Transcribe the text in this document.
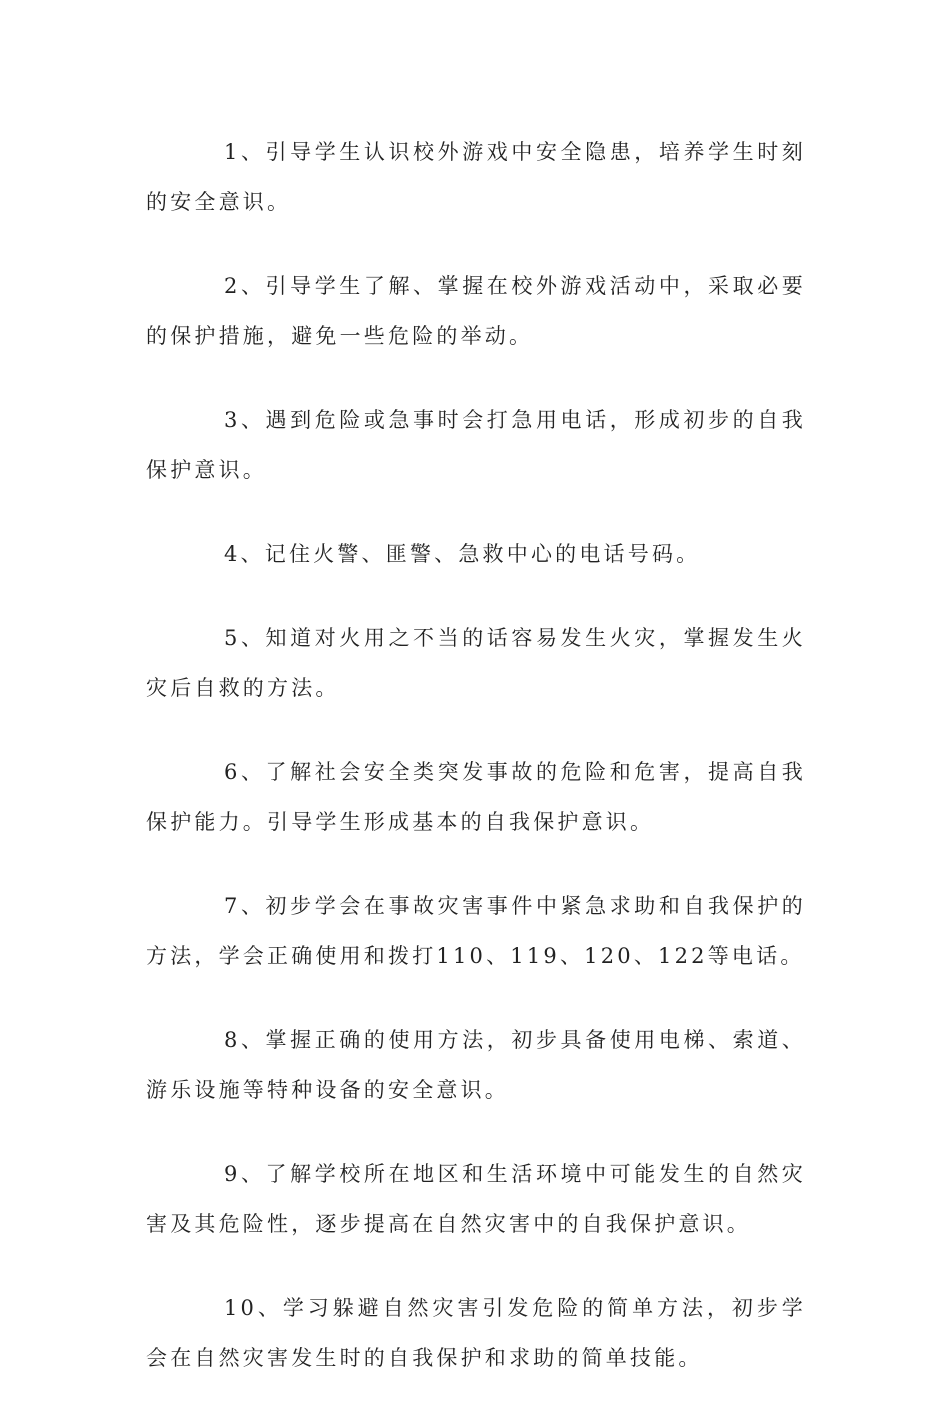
1、引导学生认识校外游戏中安全隐患，培养学生时刻的安全意识。

2、引导学生了解、掌握在校外游戏活动中，采取必要的保护措施，避免一些危险的举动。

3、遇到危险或急事时会打急用电话，形成初步的自我保护意识。

4、记住火警、匪警、急救中心的电话号码。

5、知道对火用之不当的话容易发生火灾，掌握发生火灾后自救的方法。

6、了解社会安全类突发事故的危险和危害，提高自我保护能力。引导学生形成基本的自我保护意识。

7、初步学会在事故灾害事件中紧急求助和自我保护的方法，学会正确使用和拨打110、119、120、122等电话。

8、掌握正确的使用方法，初步具备使用电梯、索道、游乐设施等特种设备的安全意识。

9、了解学校所在地区和生活环境中可能发生的自然灾害及其危险性，逐步提高在自然灾害中的自我保护意识。

10、学习躲避自然灾害引发危险的简单方法，初步学会在自然灾害发生时的自我保护和求助的简单技能。
